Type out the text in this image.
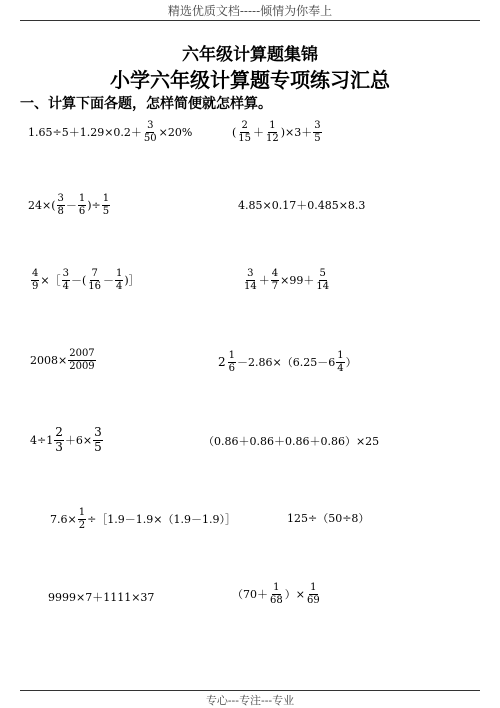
精选优质文档-----倾情为你奉上
六年级计算题集锦
小学六年级计算题专项练习汇总
一、计算下面各题，怎样简便就怎样算。
$1.65\div 5+1.29\times 0.2+ \frac{3}{50} \times 20\%$	( $\frac{2}{15} + \frac{1}{12} )\times 3+ \frac{3}{5}$
$24\times( \frac{3}{8} - \frac{1}{6}$ )÷ $\frac{1}{5}$	4.85×0.17＋0.485×8.3
$\frac{4}{9}$ ×［ $\frac{3}{4}$ －( $\frac{7}{16} - \frac{1}{4}$ )］	$\frac{3}{14} + \frac{4}{7} \times 99+ \frac{5}{14}$
$2008\times \frac{2007}{2009}$	$2 \frac{1}{6} -2.86\times(6.25-6 \frac{1}{4}$ ）
$4\div 1 \frac{2}{3} +6\times \frac{3}{5}$	（0.86＋0.86＋0.86＋0.86）×25
$7.6\times \frac{1}{2}$ ÷［1.9－1.9×（1.9－1.9）］	125÷（50÷8）
9999×7＋1111×37	（$70+ \frac{1}{68}$ ）× $\frac{1}{69}$
专心---专注---专业
